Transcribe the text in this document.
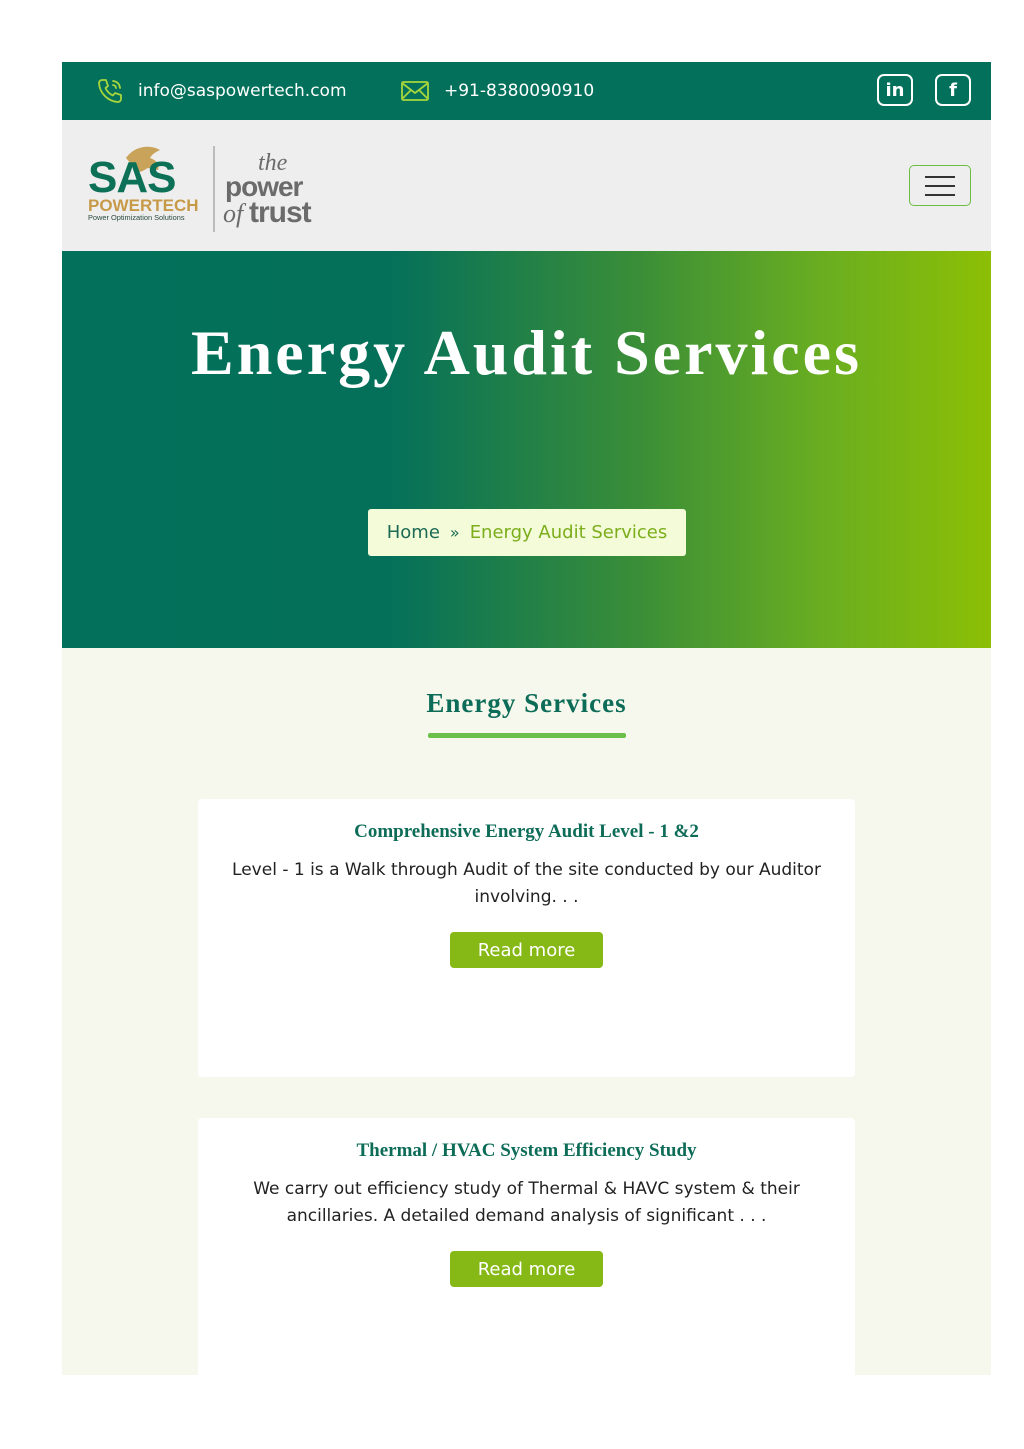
info@saspowertech.com	+91-8380090910	in f
SAS
POWERTECH
Power Optimization Solutions
the
power
of trust
Energy Audit Services
Home » Energy Audit Services
Energy Services
Comprehensive Energy Audit Level - 1 &2

Level - 1 is a Walk through Audit of the site conducted by our Auditor involving. . .

Read more
Thermal / HVAC System Efficiency Study

We carry out efficiency study of Thermal & HAVC system & their ancillaries. A detailed demand analysis of significant . . .

Read more
